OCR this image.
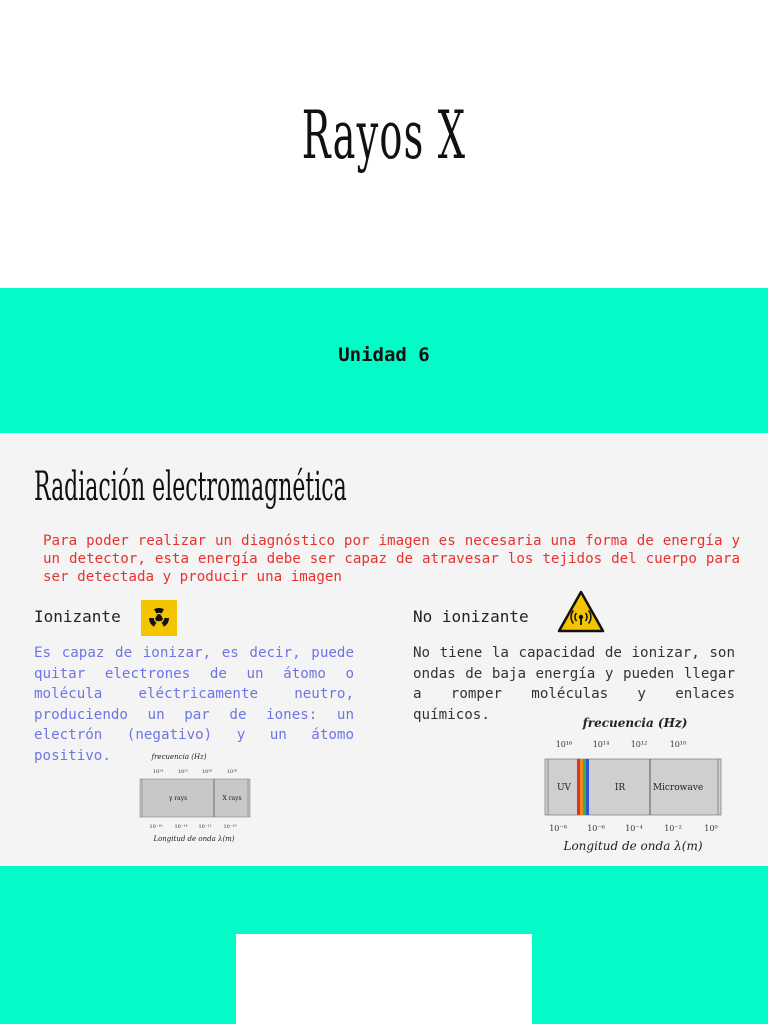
Rayos X
Unidad 6
Radiación electromagnética
Para poder realizar un diagnóstico por imagen es necesaria una forma de energía y un detector, esta energía debe ser capaz de atravesar los tejidos del cuerpo para ser detectada y producir una imagen
Ionizante
Es capaz de ionizar, es decir, puede quitar electrones de un átomo o molécula eléctricamente neutro, produciendo un par de iones: un electrón (negativo) y un átomo positivo.
No ionizante
No tiene la capacidad de ionizar, son ondas de baja energía y pueden llegar a romper moléculas y enlaces químicos.
frecuencia (Hz)
10²⁴	10²²	10²⁰	10¹⁸
γ rays	X rays
10⁻¹⁶ 10⁻¹⁴ 10⁻¹² 10⁻¹⁰
Longitud de onda λ(m)
frecuencia (Hz)
10¹⁶	10¹⁴	10¹²	10¹⁰
UV	IR	Microwave
10⁻⁸	10⁻⁶	10⁻⁴	10⁻²	10⁰
Longitud de onda λ(m)
